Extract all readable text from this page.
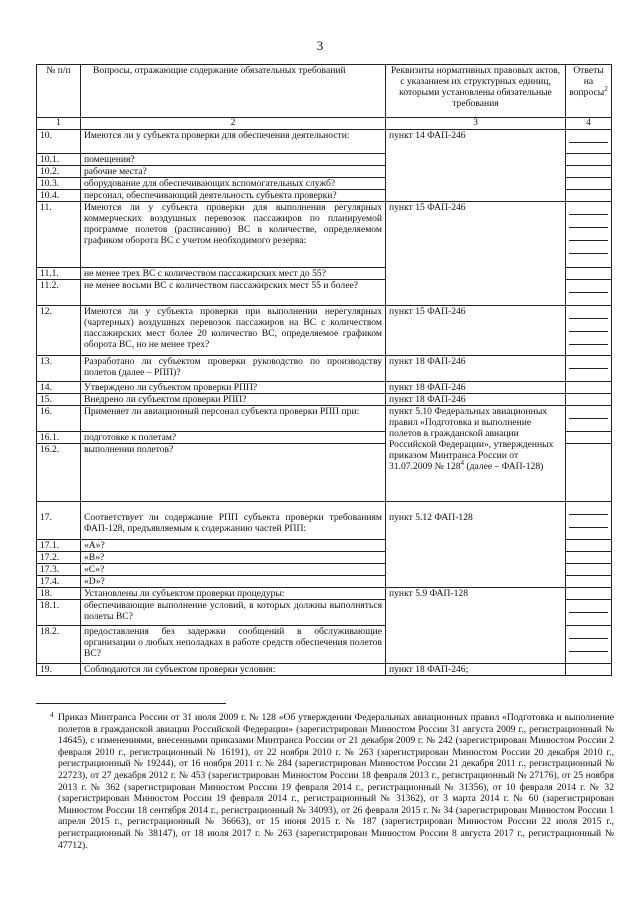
3
№ п/п	Вопросы, отражающие содержание обязательных требований	Реквизиты нормативных правовых актов, с указанием их структурных единиц, которыми установлены обязательные требования	Ответы на вопросы$^2$
1	2	3	4
10.	Имеются ли у субъекта проверки для обеспечения деятельности:	пункт 14 ФАП-246	

10.1.	помещения?		
10.2.	рабочие места?		
10.3.	оборудование для обеспечивающих вспомогательных служб?		
10.4.	персонал, обеспечивающий деятельность субъекта проверки?		
11.	Имеются ли у субъекта проверки для выполнения регулярных коммерческих воздушных перевозок пассажиров по планируемой программе полетов (расписанию) ВС в количестве, определяемом графиком оборота ВС с учетом необходимого резерва:	пункт 15 ФАП-246	

11.1.	не менее трех ВС с количеством пассажирских мест до 55?		
11.2.	не менее восьми ВС с количеством пассажирских мест 55 и более?		

12.	Имеются ли у субъекта проверки при выполнении нерегулярных (чартерных) воздушных перевозок пассажиров на ВС с количеством пассажирских мест более 20 количество ВС, определяемое графиком оборота ВС, но не менее трех?	пункт 15 ФАП-246	

13.	Разработано ли субъектом проверки руководство по производству полетов (далее – РПП)?	пункт 18 ФАП-246	

14.	Утверждено ли субъектом проверки РПП?	пункт 18 ФАП-246	
15.	Внедрено ли субъектом проверки РПП?	пункт 18 ФАП-246	
16.	Применяет ли авиационный персонал субъекта проверки РПП при:	пункт 5.10 Федеральных авиационных правил «Подготовка и выполнение полетов в гражданской авиации Российской Федерации», утвержденных приказом Минтранса России от 31.07.2009 № $128^4$ (далее – ФАП-128)	

16.1.	подготовке к полетам?		
16.2.	выполнении полетов?		
17.	Соответствует ли содержание РПП субъекта проверки требованиям ФАП-128, предъявляемым к содержанию частей РПП:	пункт 5.12 ФАП-128	

17.1.	«A»?		
17.2.	«B»?		
17.3.	«C»?		
17.4.	«D»?		
18.	Установлены ли субъектом проверки процедуры:	пункт 5.9 ФАП-128	
18.1.	обеспечивающие выполнение условий, в которых должны выполняться полеты ВС?		

18.2.	предоставления без задержки сообщений в обслуживающие организации о любых неполадках в работе средств обеспечения полетов ВС?		

19.	Соблюдаются ли субъектом проверки условия:	пункт 18 ФАП-246;	
4 Приказ Минтранса России от 31 июля 2009 г. № 128 «Об утверждении Федеральных авиационных правил «Подготовка и выполнение полетов в гражданской авиации Российской Федерации» (зарегистрирован Минюстом России 31 августа 2009 г., регистрационный № 14645), с изменениями, внесенными приказами Минтранса России от 21 декабря 2009 г. № 242 (зарегистрирован Минюстом России 2 февраля 2010 г., регистрационный № 16191), от 22 ноября 2010 г. № 263 (зарегистрирован Минюстом России 20 декабря 2010 г., регистрационный № 19244), от 16 ноября 2011 г. № 284 (зарегистрирован Минюстом России 21 декабря 2011 г., регистрационный № 22723), от 27 декабря 2012 г. № 453 (зарегистрирован Минюстом России 18 февраля 2013 г., регистрационный № 27176), от 25 ноября 2013 г. № 362 (зарегистрирован Минюстом России 19 февраля 2014 г., регистрационный № 31356), от 10 февраля 2014 г. № 32 (зарегистрирован Минюстом России 19 февраля 2014 г., регистрационный № 31362), от 3 марта 2014 г. № 60 (зарегистрирован Минюстом России 18 сентября 2014 г., регистрационный № 34093), от 26 февраля 2015 г. № 34 (зарегистрирован Минюстом России 1 апреля 2015 г., регистрационный № 36663), от 15 июня 2015 г. № 187 (зарегистрирован Минюстом России 22 июля 2015 г., регистрационный № 38147), от 18 июля 2017 г. № 263 (зарегистрирован Минюстом России 8 августа 2017 г., регистрационный № 47712).
